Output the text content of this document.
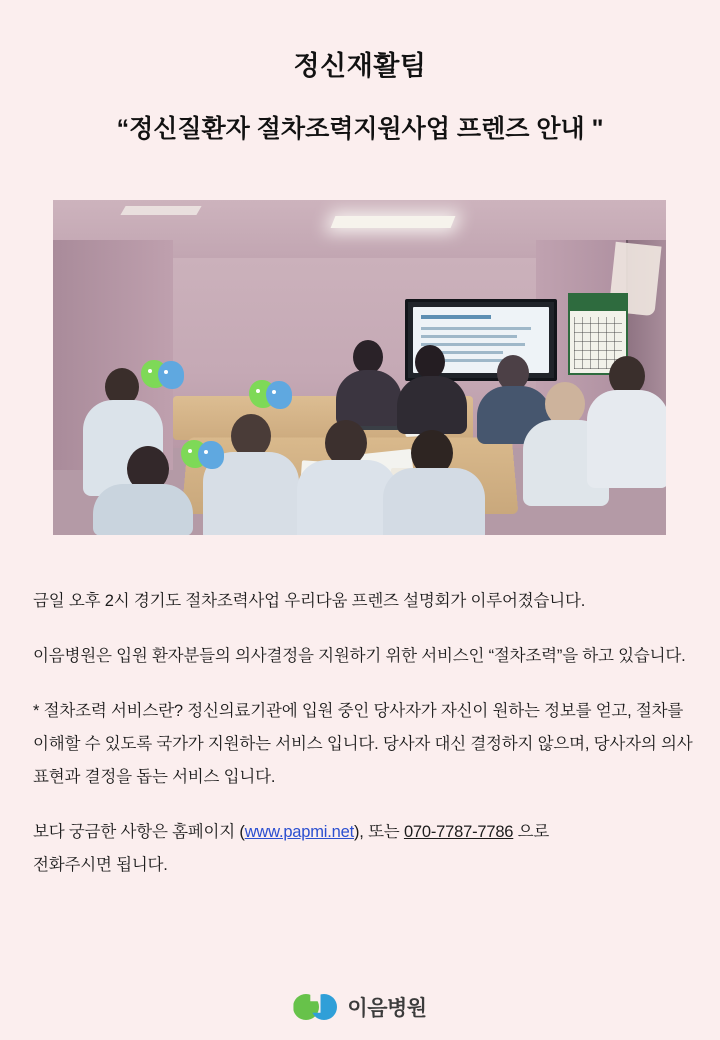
정신재활팀
“정신질환자 절차조력지원사업 프렌즈 안내 "

금일 오후 2시 경기도 절차조력사업 우리다움 프렌즈 설명회가 이루어졌습니다.

이음병원은 입원 환자분들의 의사결정을 지원하기 위한 서비스인 “절차조력”을 하고 있습니다.

* 절차조력 서비스란? 정신의료기관에 입원 중인 당사자가 자신이 원하는 정보를 얻고, 절차를 이해할 수 있도록 국가가 지원하는 서비스 입니다. 당사자 대신 결정하지 않으며, 당사자의 의사표현과 결정을 돕는 서비스 입니다.

보다 궁금한 사항은 홈페이지 (www.papmi.net), 또는 070-7787-7786 으로
전화주시면 됩니다.

이음병원
